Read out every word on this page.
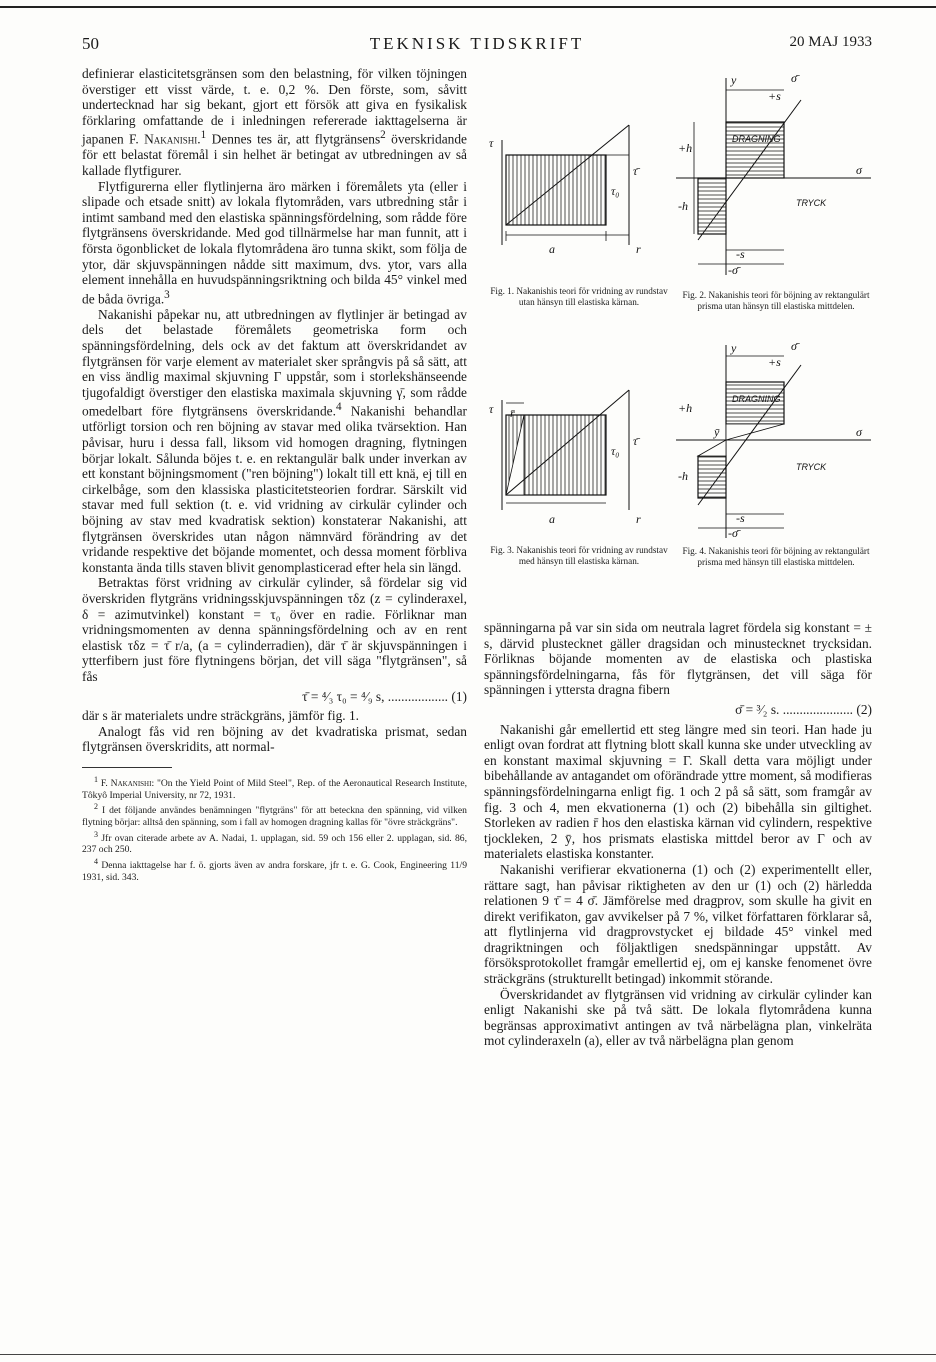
50	TEKNISK TIDSKRIFT	20 MAJ 1933

definierar elasticitetsgränsen som den belastning, för vilken töjningen överstiger ett visst värde, t. e. 0,2 %. Den förste, som, såvitt undertecknad har sig bekant, gjort ett försök att giva en fysikalisk förklaring omfattande de i inledningen refererade iakttagelserna är japanen F. Nakanishi.$^1$ Dennes tes är, att flytgränsens$^2$ överskridande för ett belastat föremål i sin helhet är betingat av utbredningen av så kallade flytfigurer.

Flytfigurerna eller flytlinjerna äro märken i föremålets yta (eller i slipade och etsade snitt) av lokala flytområden, vars utbredning står i intimt samband med den elastiska spänningsfördelning, som rådde före flytgränsens överskridande. Med god tillnärmelse har man funnit, att i första ögonblicket de lokala flytområdena äro tunna skikt, som följa de ytor, där skjuvspänningen nådde sitt maximum, dvs. ytor, vars alla element innehålla en huvudspänningsriktning och bilda 45° vinkel med de båda övriga.$^3$

Nakanishi påpekar nu, att utbredningen av flytlinjer är betingad av dels det belastade föremålets geometriska form och spänningsfördelning, dels ock av det faktum att överskridandet av flytgränsen för varje element av materialet sker språngvis på så sätt, att en viss ändlig maximal skjuvning Γ uppstår, som i storlekshänseende tjugofaldigt överstiger den elastiska maximala skjuvning γ̄, som rådde omedelbart före flytgränsens överskridande.$^4$ Nakanishi behandlar utförligt torsion och ren böjning av stavar med olika tvärsektion. Han påvisar, huru i dessa fall, liksom vid homogen dragning, flytningen börjar lokalt. Sålunda böjes t. e. en rektangulär balk under inverkan av ett konstant böjningsmoment ("ren böjning") lokalt till ett knä, ej till en cirkelbåge, som den klassiska plasticitetsteorien fordrar. Särskilt vid stavar med full sektion (t. e. vid vridning av cirkulär cylinder och böjning av stav med kvadratisk sektion) konstaterar Nakanishi, att flytgränsen överskrides utan någon nämnvärd förändring av det vridande respektive det böjande momentet, och dessa moment förbliva konstanta ända tills staven blivit genomplasticerad efter hela sin längd.

Betraktas först vridning av cirkulär cylinder, så fördelar sig vid överskriden flytgräns vridningsskjuvspänningen τδz (z = cylinderaxel, δ = azimutvinkel) konstant = τ₀ över en radie. Förliknar man vridningsmomenten av denna spänningsfördelning och av en rent elastisk τδz = τ̄ r/a, (a = cylinderradien), där τ̄ är skjuvspänningen i ytterfibern just före flytningens början, det vill säga "flytgränsen", så fås

τ̄ = ⁴⁄₃ τ₀ = ⁴⁄₉ s, .................. (1)

där s är materialets undre sträckgräns, jämför fig. 1.

Analogt fås vid ren böjning av det kvadratiska prismat, sedan flytgränsen överskridits, att normal-

$^1$ F. Nakanishi: "On the Yield Point of Mild Steel", Rep. of the Aeronautical Research Institute, Tôkyô Imperial University, nr 72, 1931.

$^2$ I det följande användes benämningen "flytgräns" för att beteckna den spänning, vid vilken flytning börjar: alltså den spänning, som i fall av homogen dragning kallas för "övre sträckgräns".

$^3$ Jfr ovan citerade arbete av A. Nadai, 1. upplagan, sid. 59 och 156 eller 2. upplagan, sid. 86, 237 och 250.

$^4$ Denna iakttagelse har f. ö. gjorts även av andra forskare, jfr t. e. G. Cook, Engineering 11/9 1931, sid. 343.

τ
a	r
τ₀
τ̄
Fig. 1. Nakanishis teori för vridning av rundstav utan hänsyn till elastiska kärnan.
y	σ̄
+s
DRAGNING
σ
TRYCK
-s
-σ̄
+h
-h
Fig. 2. Nakanishis teori för böjning av rektangulärt prisma utan hänsyn till elastiska mittdelen.
τ r̄
a	r
τ₀
τ̄
Fig. 3. Nakanishis teori för vridning av rundstav med hänsyn till elastiska kärnan.
y	σ̄
+s
DRAGNING
σ
TRYCK
-s
-σ̄
+h
-h
ȳ
Fig. 4. Nakanishis teori för böjning av rektangulärt prisma med hänsyn till elastiska mittdelen.

spänningarna på var sin sida om neutrala lagret fördela sig konstant = ± s, därvid plustecknet gäller dragsidan och minustecknet trycksidan. Förliknas böjande momenten av de elastiska och plastiska spänningsfördelningarna, fås för flytgränsen, det vill säga för spänningen i yttersta dragna fibern

σ̄ = ³⁄₂ s. ..................... (2)

Nakanishi går emellertid ett steg längre med sin teori. Han hade ju enligt ovan fordrat att flytning blott skall kunna ske under utveckling av en konstant maximal skjuvning = Γ. Skall detta vara möjligt under bibehållande av antagandet om oförändrade yttre moment, så modifieras spänningsfördelningarna enligt fig. 1 och 2 på så sätt, som framgår av fig. 3 och 4, men ekvationerna (1) och (2) bibehålla sin giltighet. Storleken av radien r̄ hos den elastiska kärnan vid cylindern, respektive tjockleken, 2 ȳ, hos prismats elastiska mittdel beror av Γ och av materialets elastiska konstanter.

Nakanishi verifierar ekvationerna (1) och (2) experimentellt eller, rättare sagt, han påvisar riktigheten av den ur (1) och (2) härledda relationen 9 τ̄ = 4 σ̄. Jämförelse med dragprov, som skulle ha givit en direkt verifikaton, gav avvikelser på 7 %, vilket författaren förklarar så, att flytlinjerna vid dragprovstycket ej bildade 45° vinkel med dragriktningen och följaktligen snedspänningar uppstått. Av försöksprotokollet framgår emellertid ej, om ej kanske fenomenet övre sträckgräns (strukturellt betingad) inkommit störande.

Överskridandet av flytgränsen vid vridning av cirkulär cylinder kan enligt Nakanishi ske på två sätt. De lokala flytområdena kunna begränsas approximativt antingen av två närbelägna plan, vinkelräta mot cylinderaxeln (a), eller av två närbelägna plan genom
